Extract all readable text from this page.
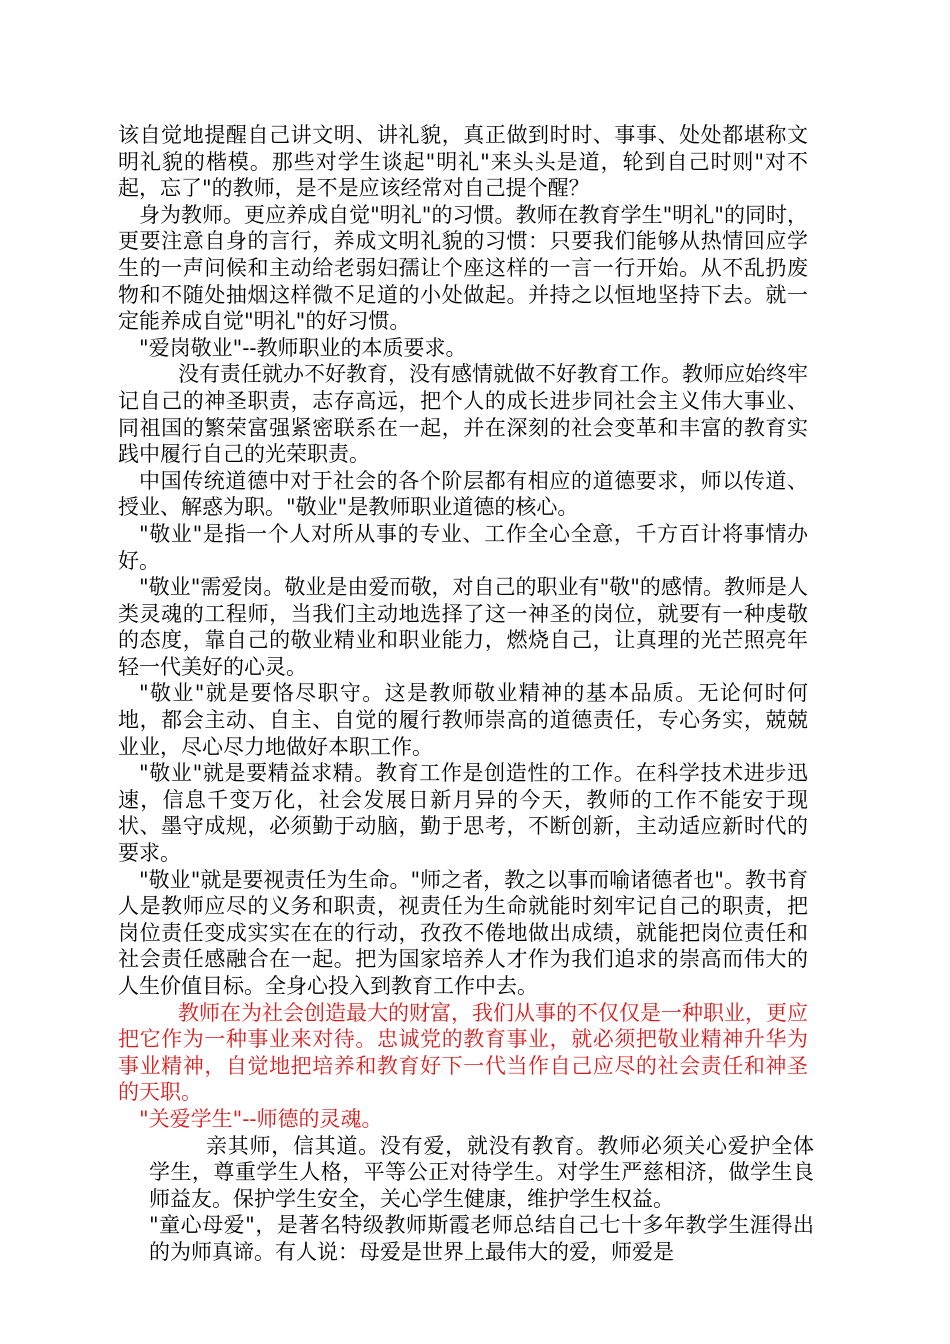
该自觉地提醒自己讲文明、讲礼貌，真正做到时时、事事、处处都堪称文明礼貌的楷模。那些对学生谈起"明礼"来头头是道，轮到自己时则"对不起，忘了"的教师，是不是应该经常对自己提个醒？

身为教师。更应养成自觉"明礼"的习惯。教师在教育学生"明礼"的同时，更要注意自身的言行，养成文明礼貌的习惯：只要我们能够从热情回应学生的一声问候和主动给老弱妇孺让个座这样的一言一行开始。从不乱扔废物和不随处抽烟这样微不足道的小处做起。并持之以恒地坚持下去。就一定能养成自觉"明礼"的好习惯。

"爱岗敬业"--教师职业的本质要求。

没有责任就办不好教育，没有感情就做不好教育工作。教师应始终牢记自己的神圣职责，志存高远，把个人的成长进步同社会主义伟大事业、同祖国的繁荣富强紧密联系在一起，并在深刻的社会变革和丰富的教育实践中履行自己的光荣职责。

中国传统道德中对于社会的各个阶层都有相应的道德要求，师以传道、授业、解惑为职。"敬业"是教师职业道德的核心。

"敬业"是指一个人对所从事的专业、工作全心全意，千方百计将事情办好。

"敬业"需爱岗。敬业是由爱而敬，对自己的职业有"敬"的感情。教师是人类灵魂的工程师，当我们主动地选择了这一神圣的岗位，就要有一种虔敬的态度，靠自己的敬业精业和职业能力，燃烧自己，让真理的光芒照亮年轻一代美好的心灵。

"敬业"就是要恪尽职守。这是教师敬业精神的基本品质。无论何时何地，都会主动、自主、自觉的履行教师崇高的道德责任，专心务实，兢兢业业，尽心尽力地做好本职工作。

"敬业"就是要精益求精。教育工作是创造性的工作。在科学技术进步迅速，信息千变万化，社会发展日新月异的今天，教师的工作不能安于现状、墨守成规，必须勤于动脑，勤于思考，不断创新，主动适应新时代的要求。

"敬业"就是要视责任为生命。"师之者，教之以事而喻诸德者也"。教书育人是教师应尽的义务和职责，视责任为生命就能时刻牢记自己的职责，把岗位责任变成实实在在的行动，孜孜不倦地做出成绩，就能把岗位责任和社会责任感融合在一起。把为国家培养人才作为我们追求的崇高而伟大的人生价值目标。全身心投入到教育工作中去。

教师在为社会创造最大的财富，我们从事的不仅仅是一种职业，更应把它作为一种事业来对待。忠诚党的教育事业，就必须把敬业精神升华为事业精神，自觉地把培养和教育好下一代当作自己应尽的社会责任和神圣的天职。

"关爱学生"--师德的灵魂。

亲其师，信其道。没有爱，就没有教育。教师必须关心爱护全体学生，尊重学生人格，平等公正对待学生。对学生严慈相济，做学生良师益友。保护学生安全，关心学生健康，维护学生权益。

"童心母爱"，是著名特级教师斯霞老师总结自己七十多年教学生涯得出的为师真谛。有人说：母爱是世界上最伟大的爱，师爱是
